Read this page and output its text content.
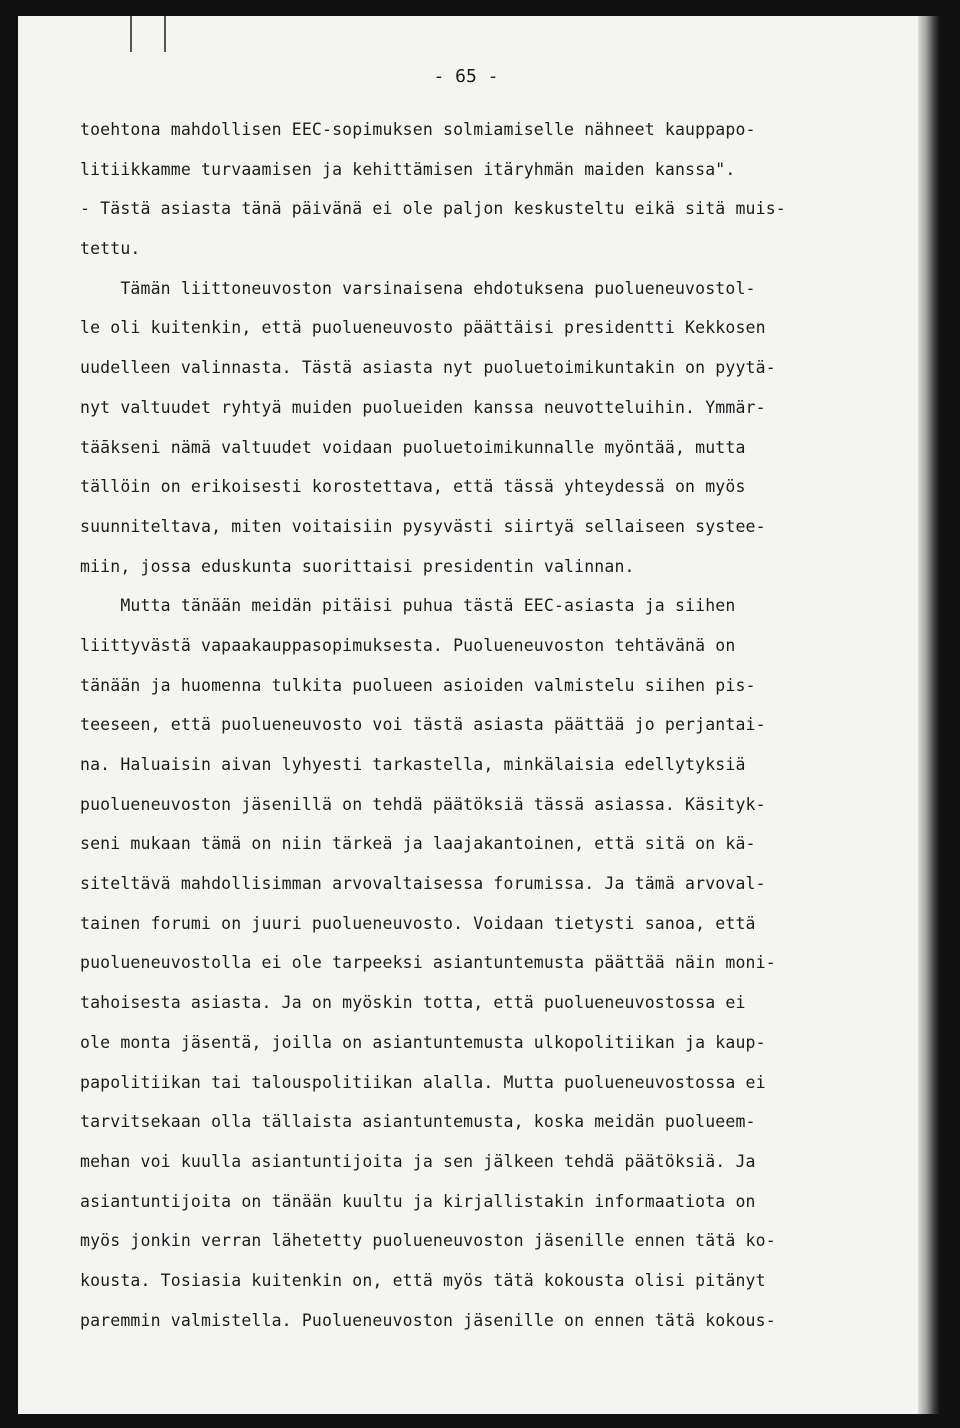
- 65 -

toehtona mahdollisen EEC-sopimuksen solmiamiselle nähneet kauppapo-
litiikkamme turvaamisen ja kehittämisen itäryhmän maiden kanssa".
- Tästä asiasta tänä päivänä ei ole paljon keskusteltu eikä sitä muis-
tettu.
Tämän liittoneuvoston varsinaisena ehdotuksena puolueneuvostol-
le oli kuitenkin, että puolueneuvosto päättäisi presidentti Kekkosen
uudelleen valinnasta. Tästä asiasta nyt puoluetoimikuntakin on pyytä-
nyt valtuudet ryhtyä muiden puolueiden kanssa neuvotteluihin. Ymmär-
täākseni nämä valtuudet voidaan puoluetoimikunnalle myöntää, mutta
tällöin on erikoisesti korostettava, että tässä yhteydessä on myös
suunniteltava, miten voitaisiin pysyvästi siirtyä sellaiseen systee-
miin, jossa eduskunta suorittaisi presidentin valinnan.
Mutta tänään meidän pitäisi puhua tästä EEC-asiasta ja siihen
liittyvästä vapaakauppasopimuksesta. Puolueneuvoston tehtävänä on
tänään ja huomenna tulkita puolueen asioiden valmistelu siihen pis-
teeseen, että puolueneuvosto voi tästä asiasta päättää jo perjantai-
na. Haluaisin aivan lyhyesti tarkastella, minkälaisia edellytyksiä
puolueneuvoston jäsenillä on tehdä päätöksiä tässä asiassa. Käsityk-
seni mukaan tämä on niin tärkeä ja laajakantoinen, että sitä on kä-
siteltävä mahdollisimman arvovaltaisessa forumissa. Ja tämä arvoval-
tainen forumi on juuri puolueneuvosto. Voidaan tietysti sanoa, että
puolueneuvostolla ei ole tarpeeksi asiantuntemusta päättää näin moni-
tahoisesta asiasta. Ja on myöskin totta, että puolueneuvostossa ei
ole monta jäsentä, joilla on asiantuntemusta ulkopolitiikan ja kaup-
papolitiikan tai talouspolitiikan alalla. Mutta puolueneuvostossa ei
tarvitsekaan olla tällaista asiantuntemusta, koska meidän puolueem-
mehan voi kuulla asiantuntijoita ja sen jälkeen tehdä päätöksiä. Ja
asiantuntijoita on tänään kuultu ja kirjallistakin informaatiota on
myös jonkin verran lähetetty puolueneuvoston jäsenille ennen tätä ko-
kousta. Tosiasia kuitenkin on, että myös tätä kokousta olisi pitänyt
paremmin valmistella. Puolueneuvoston jäsenille on ennen tätä kokous-
